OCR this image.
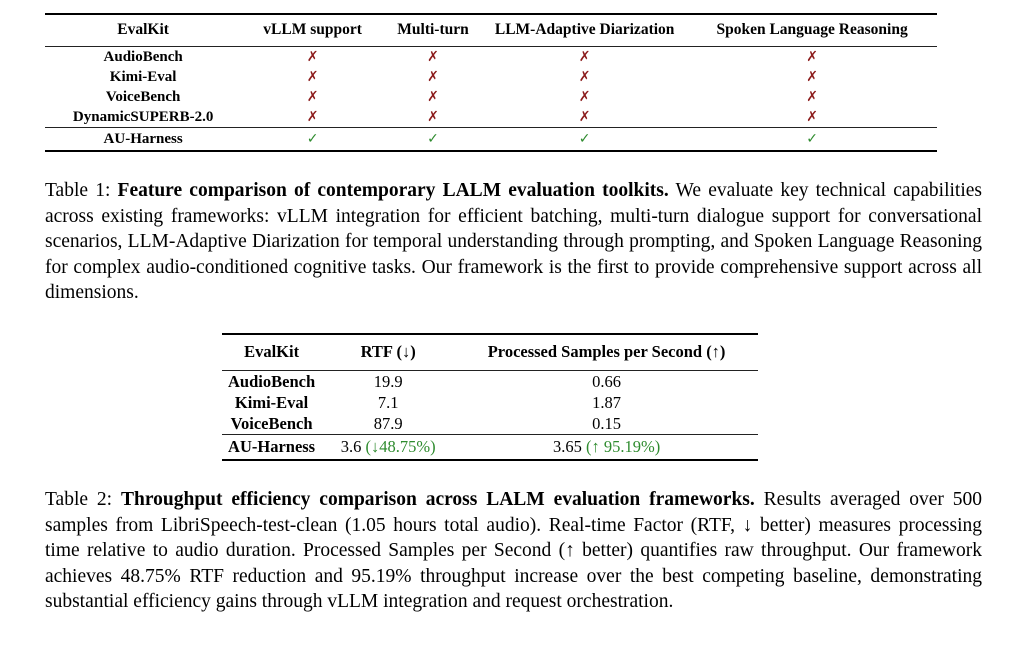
EvalKit	vLLM support	Multi-turn	LLM-Adaptive Diarization	Spoken Language Reasoning
AudioBench	✗	✗	✗	✗
Kimi-Eval	✗	✗	✗	✗
VoiceBench	✗	✗	✗	✗
DynamicSUPERB-2.0	✗	✗	✗	✗
AU-Harness	✓	✓	✓	✓

Table 1: Feature comparison of contemporary LALM evaluation toolkits. We evaluate key technical capabilities across existing frameworks: vLLM integration for efficient batching, multi-turn dialogue support for conversational scenarios, LLM-Adaptive Diarization for temporal understanding through prompting, and Spoken Language Reasoning for complex audio-conditioned cognitive tasks. Our framework is the first to provide comprehensive support across all dimensions.

EvalKit	RTF (↓)	Processed Samples per Second (↑)
AudioBench	19.9	0.66
Kimi-Eval	7.1	1.87
VoiceBench	87.9	0.15
AU-Harness	3.6 (↓48.75%)	3.65 (↑ 95.19%)

Table 2: Throughput efficiency comparison across LALM evaluation frameworks. Results averaged over 500 samples from LibriSpeech-test-clean (1.05 hours total audio). Real-time Factor (RTF, ↓ better) measures processing time relative to audio duration. Processed Samples per Second (↑ better) quantifies raw throughput. Our framework achieves 48.75% RTF reduction and 95.19% throughput increase over the best competing baseline, demonstrating substantial efficiency gains through vLLM integration and request orchestration.
